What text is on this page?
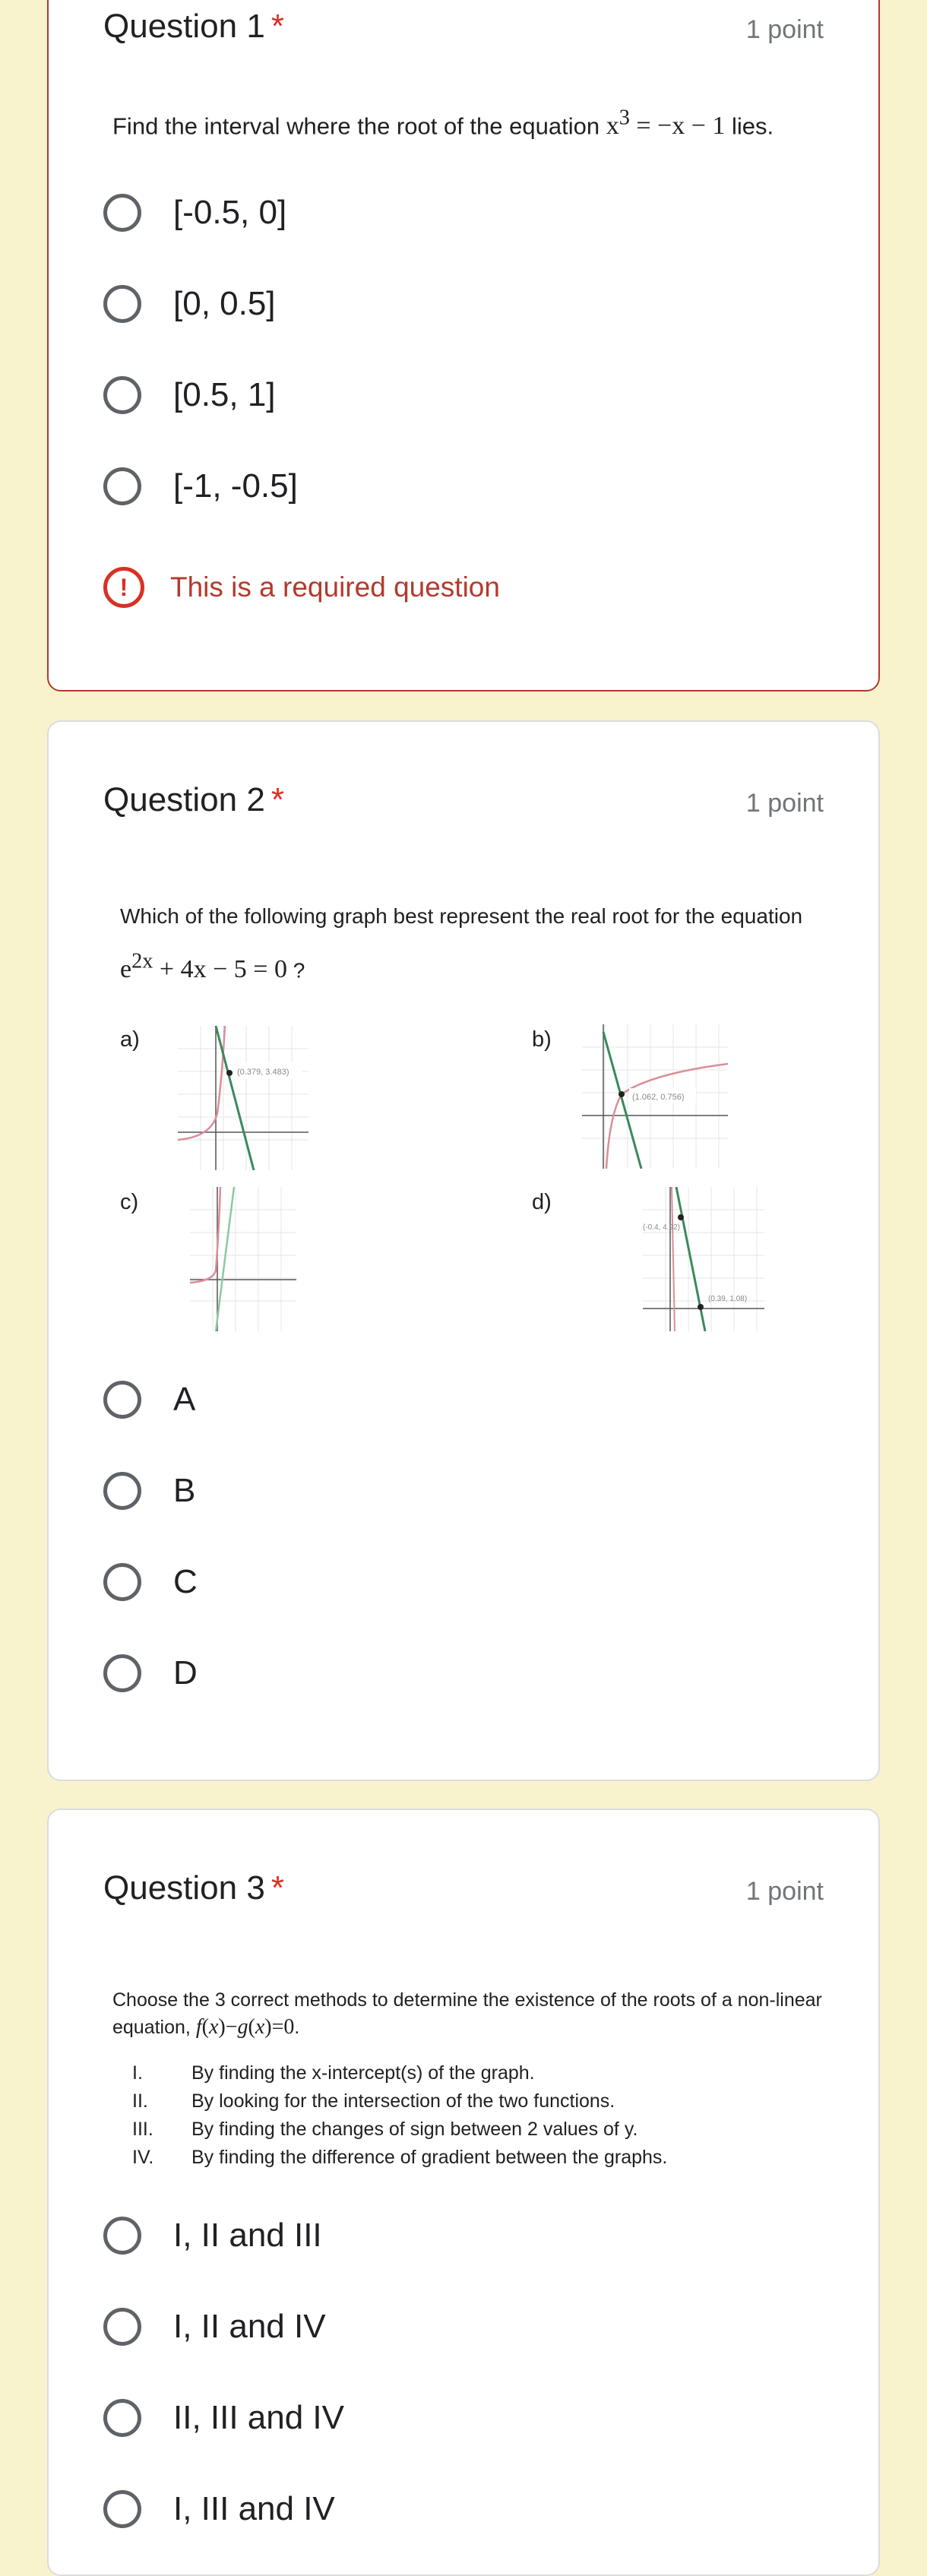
Question 1 *	1 point
Find the interval where the root of the equation $x^3 = -x - 1$ lies.
[-0.5, 0]
[0, 0.5]
[0.5, 1]
[-1, -0.5]
!	This is a required question
Question 2 *	1 point
Which of the following graph best represent the real root for the equation
$e^{2x} + 4x - 5 = 0$ ?
a)
(0.379, 3.483)
b)
(1.062, 0.756)
c)	d)
(-0.4, 4.92)
(0.39, 1.08)
A
B
C
D
Question 3 *	1 point
Choose the 3 correct methods to determine the existence of the roots of a non-linear
equation, f(x)−g(x)=0.
I.	By finding the x-intercept(s) of the graph.
II. By looking for the intersection of the two functions.
III. By finding the changes of sign between 2 values of y.
IV. By finding the difference of gradient between the graphs.
I, II and III
I, II and IV
II, III and IV
I, III and IV
